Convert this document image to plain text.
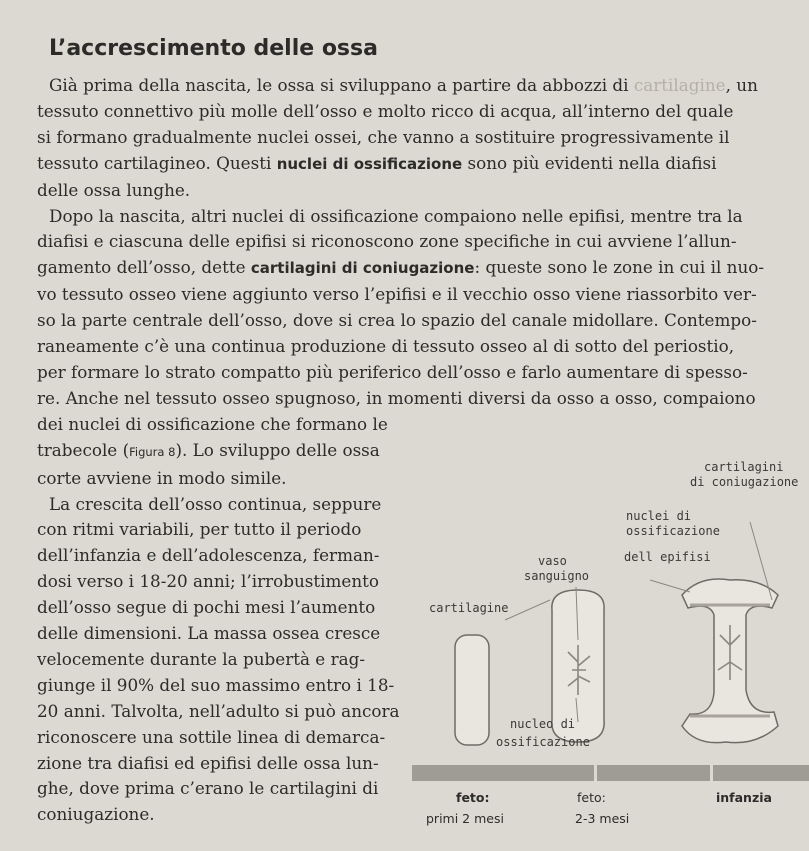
L’accrescimento delle ossa

Già prima della nascita, le ossa si sviluppano a partire da abbozzi di cartilagine, un
tessuto connettivo più molle dell’osso e molto ricco di acqua, all’interno del quale
si formano gradualmente nuclei ossei, che vanno a sostituire progressivamente il
tessuto cartilagineo. Questi nuclei di ossificazione sono più evidenti nella diafisi
delle ossa lunghe.

Dopo la nascita, altri nuclei di ossificazione compaiono nelle epifisi, mentre tra la
diafisi e ciascuna delle epifisi si riconoscono zone specifiche in cui avviene l’allun-
gamento dell’osso, dette cartilagini di coniugazione: queste sono le zone in cui il nuo-
vo tessuto osseo viene aggiunto verso l’epifisi e il vecchio osso viene riassorbito ver-
so la parte centrale dell’osso, dove si crea lo spazio del canale midollare. Contempo-
raneamente c’è una continua produzione di tessuto osseo al di sotto del periostio,
per formare lo strato compatto più periferico dell’osso e farlo aumentare di spesso-
re. Anche nel tessuto osseo spugnoso, in momenti diversi da osso a osso, compaiono
dei nuclei di ossificazione che formano le
trabecole (Figura 8). Lo sviluppo delle ossa
corte avviene in modo simile.

La crescita dell’osso continua, seppure
con ritmi variabili, per tutto il periodo
dell’infanzia e dell’adolescenza, ferman-
dosi verso i 18-20 anni; l’irrobustimento
dell’osso segue di pochi mesi l’aumento
delle dimensioni. La massa ossea cresce
velocemente durante la pubertà e rag-
giunge il 90% del suo massimo entro i 18-
20 anni. Talvolta, nell’adulto si può ancora
riconoscere una sottile linea di demarca-
zione tra diafisi ed epifisi delle ossa lun-
ghe, dove prima c’erano le cartilagini di
coniugazione.

cartilagini
di coniugazione
nuclei di
ossificazione
dell epifisi
vaso
sanguigno
cartilagine
nucleo di
ossificazione
feto:
primi 2 mesi
feto:
2-3 mesi
infanzia
